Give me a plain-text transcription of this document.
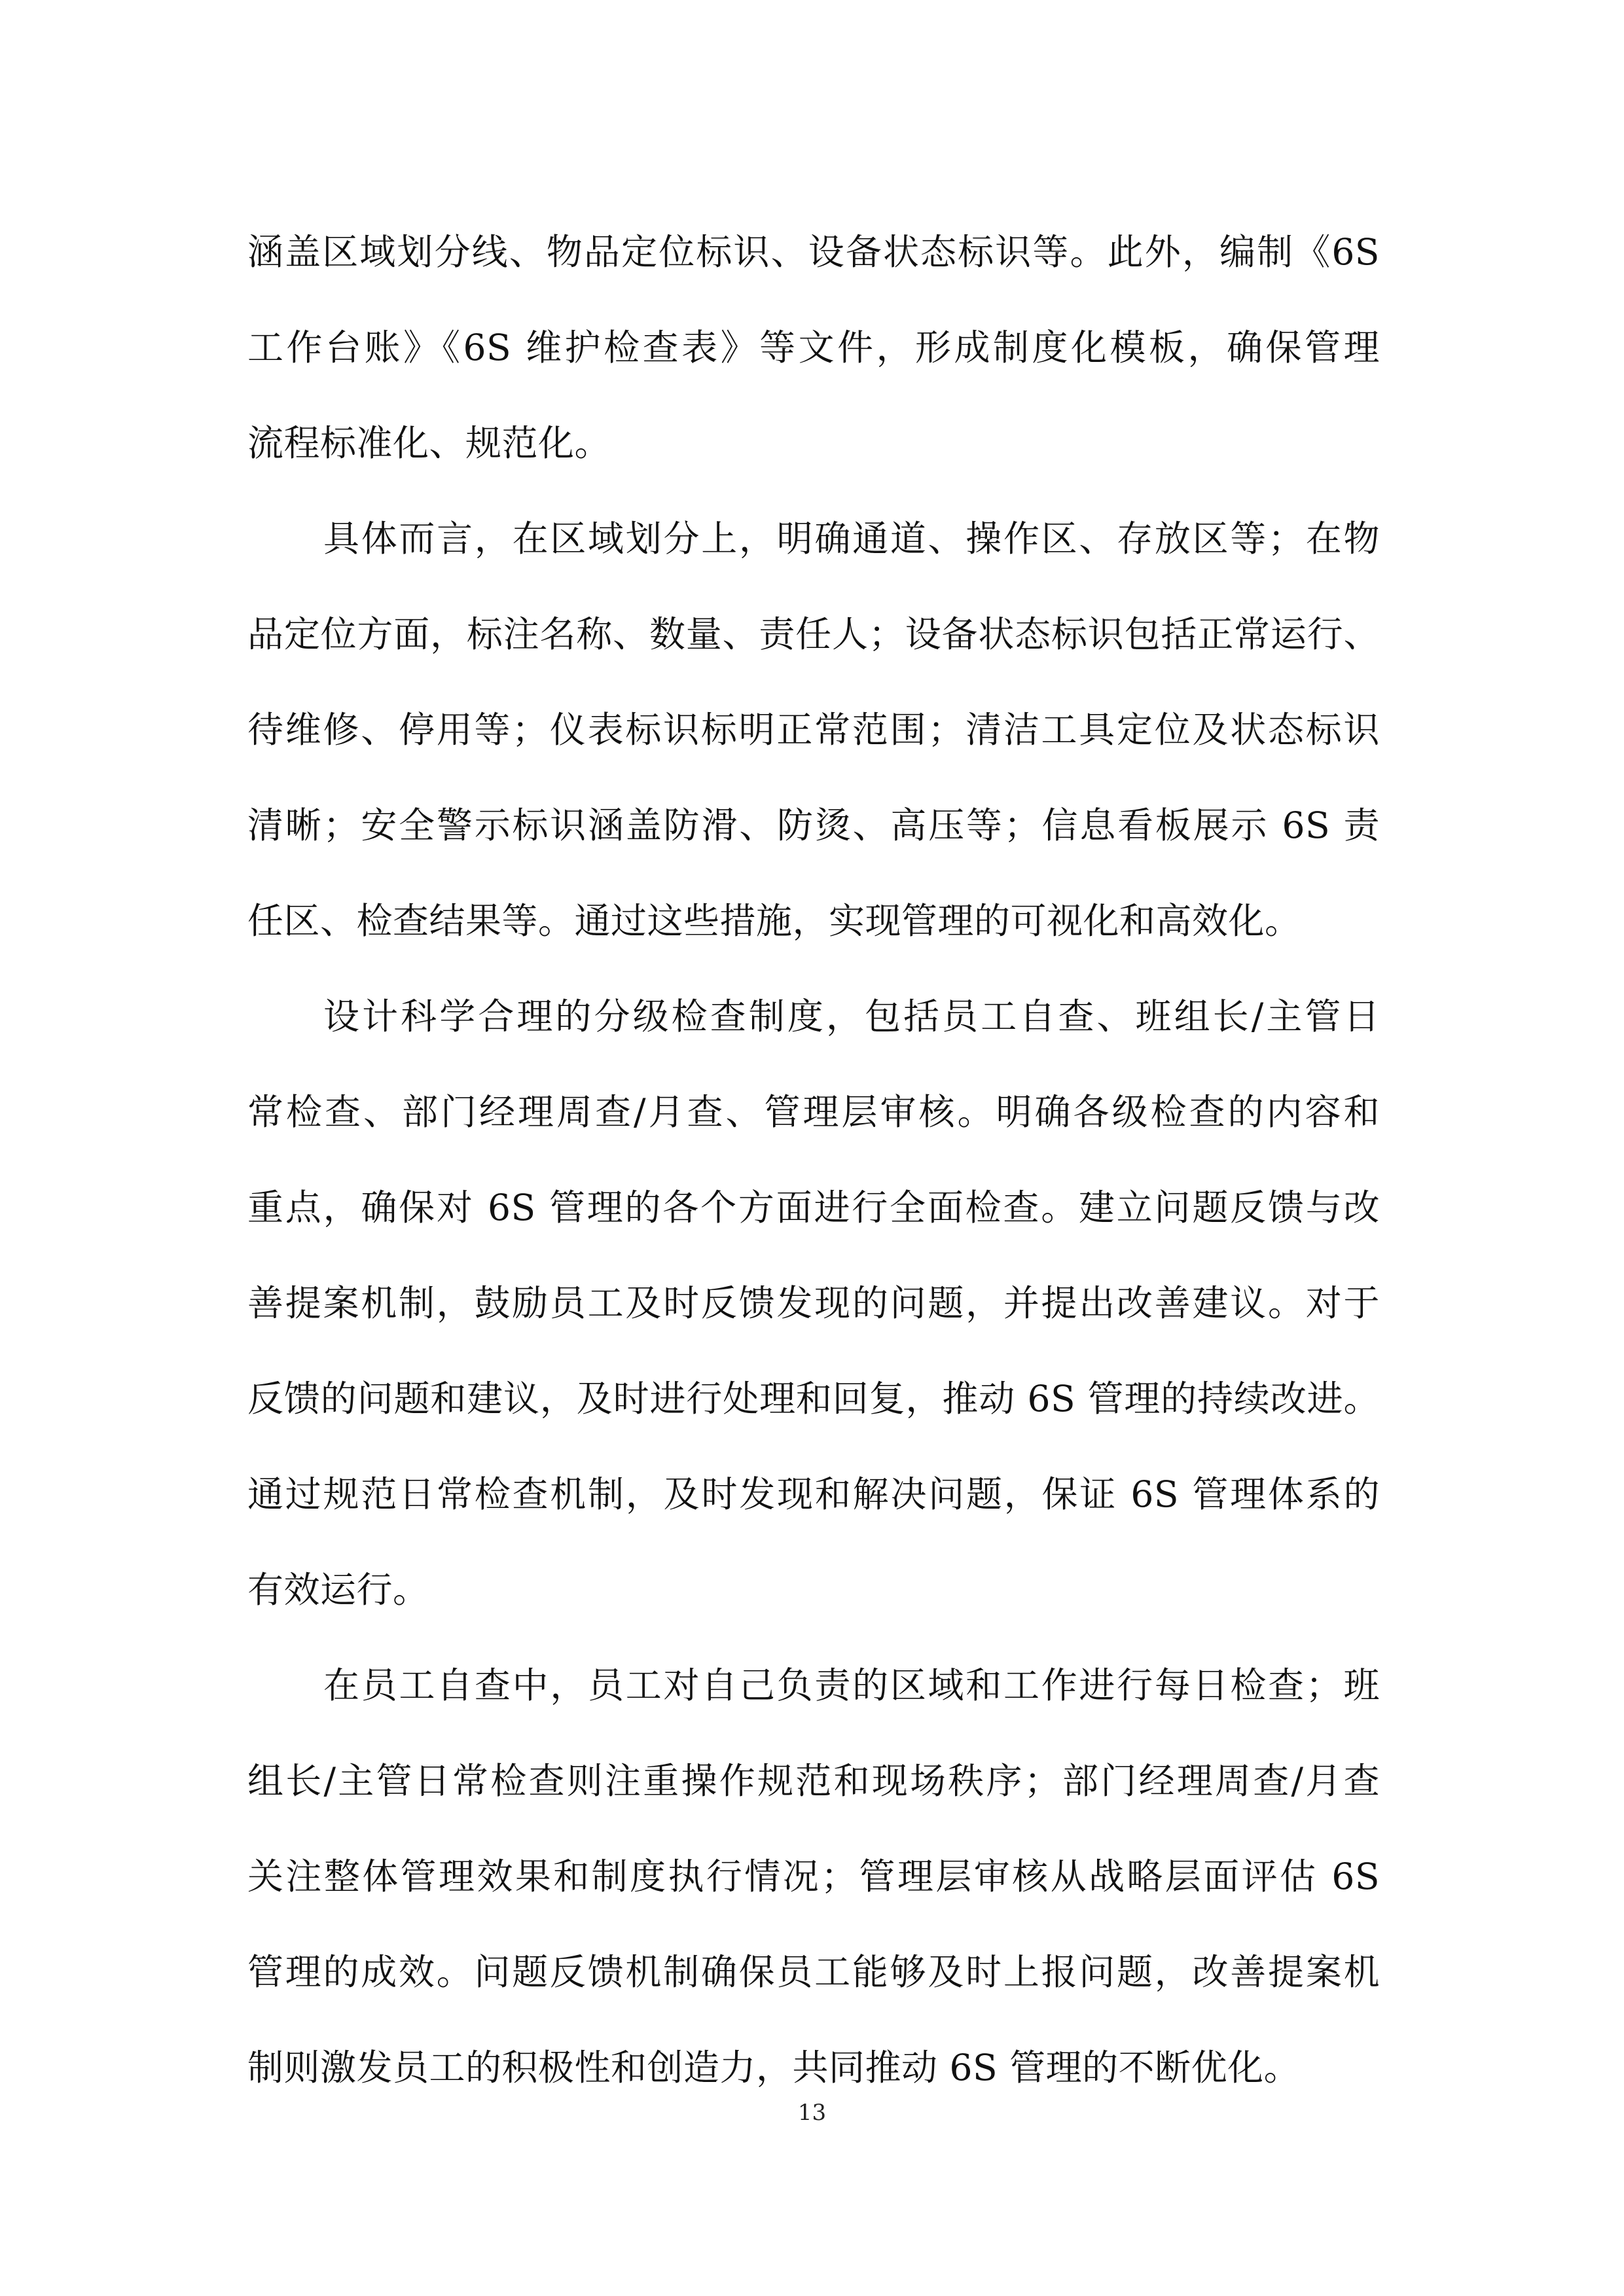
涵盖区域划分线、物品定位标识、设备状态标识等。此外，编制《6S
工作台账》《6S 维护检查表》等文件，形成制度化模板，确保管理
流程标准化、规范化。
具体而言，在区域划分上，明确通道、操作区、存放区等；在物
品定位方面，标注名称、数量、责任人；设备状态标识包括正常运行、
待维修、停用等；仪表标识标明正常范围；清洁工具定位及状态标识
清晰；安全警示标识涵盖防滑、防烫、高压等；信息看板展示 6S 责
任区、检查结果等。通过这些措施，实现管理的可视化和高效化。
设计科学合理的分级检查制度，包括员工自查、班组长/主管日
常检查、部门经理周查/月查、管理层审核。明确各级检查的内容和
重点，确保对 6S 管理的各个方面进行全面检查。建立问题反馈与改
善提案机制，鼓励员工及时反馈发现的问题，并提出改善建议。对于
反馈的问题和建议，及时进行处理和回复，推动 6S 管理的持续改进。
通过规范日常检查机制，及时发现和解决问题，保证 6S 管理体系的
有效运行。
在员工自查中，员工对自己负责的区域和工作进行每日检查；班
组长/主管日常检查则注重操作规范和现场秩序；部门经理周查/月查
关注整体管理效果和制度执行情况；管理层审核从战略层面评估 6S
管理的成效。问题反馈机制确保员工能够及时上报问题，改善提案机
制则激发员工的积极性和创造力，共同推动 6S 管理的不断优化。
13
